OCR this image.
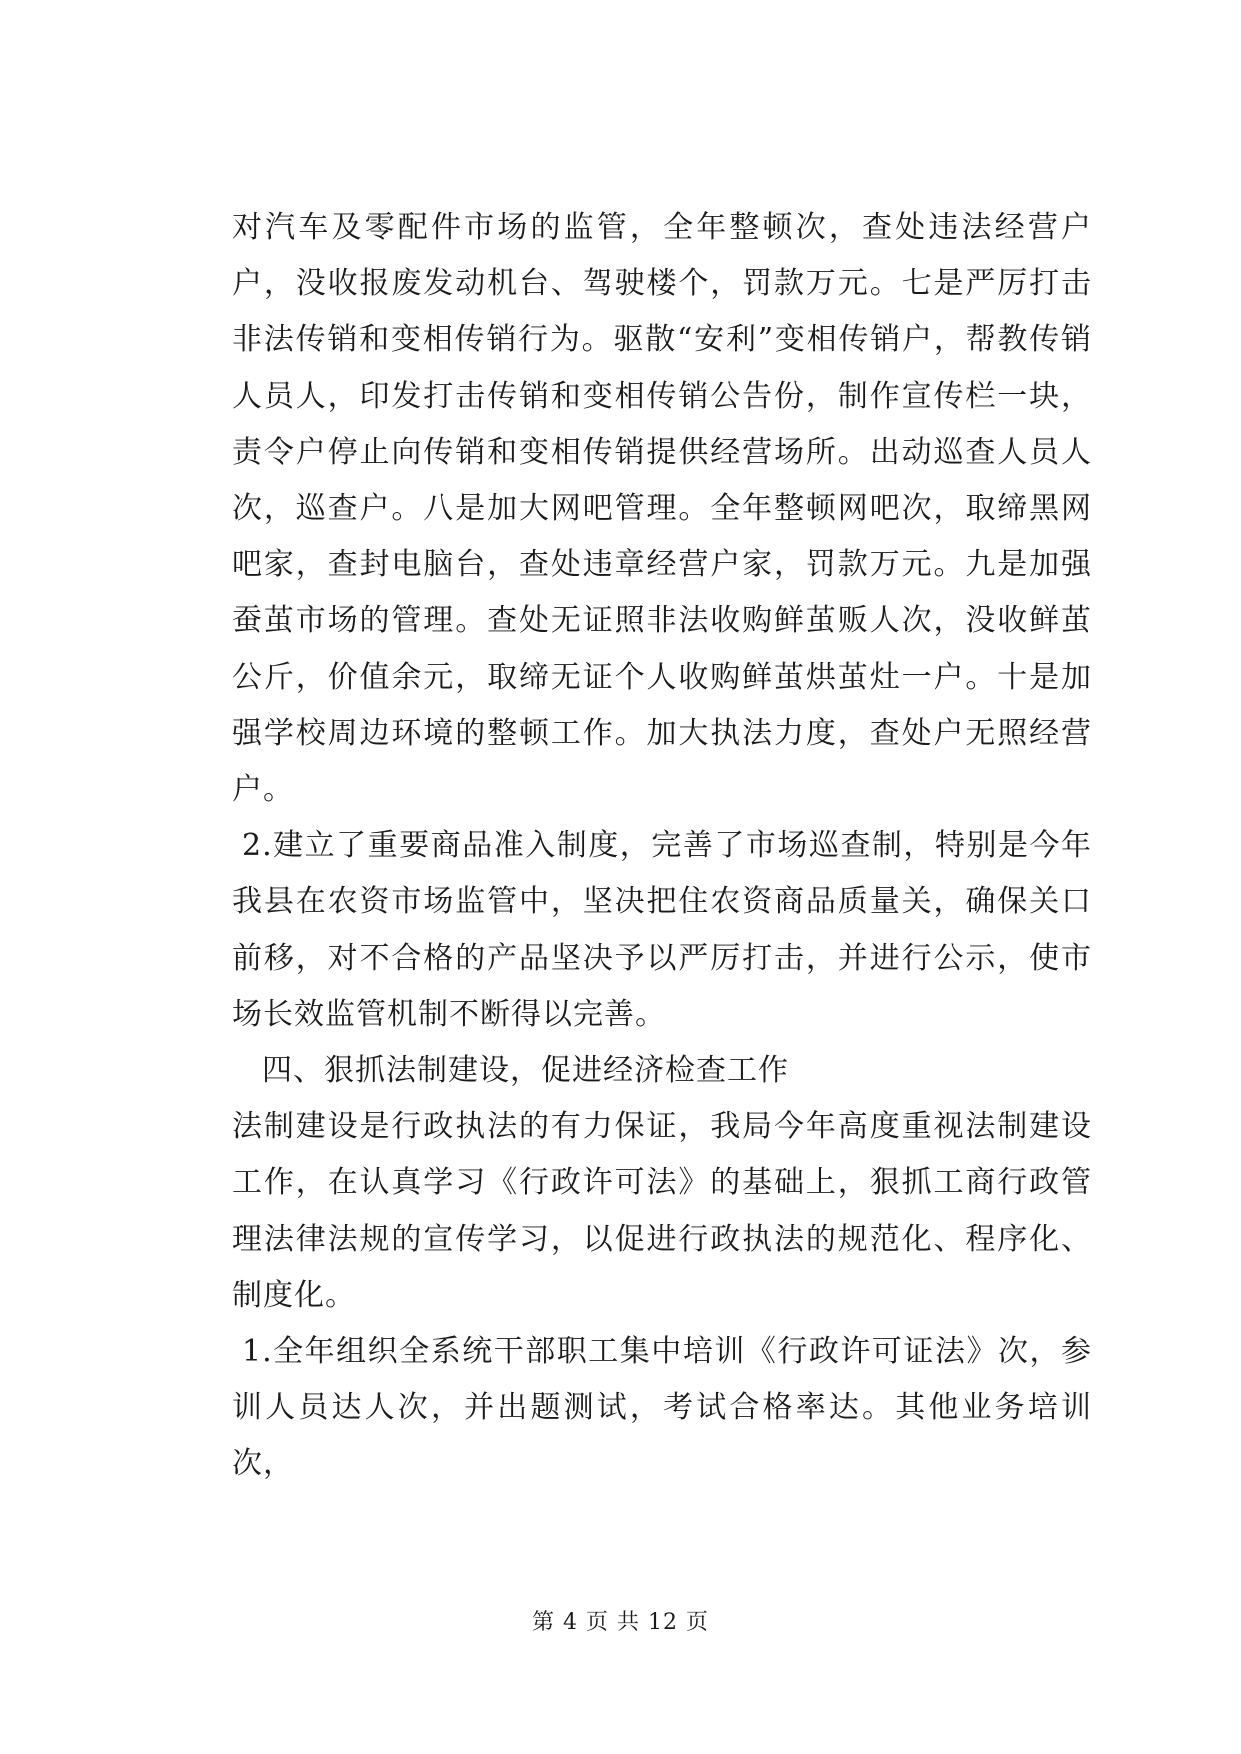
对汽车及零配件市场的监管，全年整顿次，查处违法经营户户，没收报废发动机台、驾驶楼个，罚款万元。七是严厉打击非法传销和变相传销行为。驱散“安利”变相传销户，帮教传销人员人，印发打击传销和变相传销公告份，制作宣传栏一块，责令户停止向传销和变相传销提供经营场所。出动巡查人员人次，巡查户。八是加大网吧管理。全年整顿网吧次，取缔黑网吧家，查封电脑台，查处违章经营户家，罚款万元。九是加强蚕茧市场的管理。查处无证照非法收购鲜茧贩人次，没收鲜茧公斤，价值余元，取缔无证个人收购鲜茧烘茧灶一户。十是加强学校周边环境的整顿工作。加大执法力度，查处户无照经营户。

2.建立了重要商品准入制度，完善了市场巡查制，特别是今年我县在农资市场监管中，坚决把住农资商品质量关，确保关口前移，对不合格的产品坚决予以严厉打击，并进行公示，使市场长效监管机制不断得以完善。

四、狠抓法制建设，促进经济检查工作

法制建设是行政执法的有力保证，我局今年高度重视法制建设工作，在认真学习《行政许可法》的基础上，狠抓工商行政管理法律法规的宣传学习，以促进行政执法的规范化、程序化、制度化。

1.全年组织全系统干部职工集中培训《行政许可证法》次，参训人员达人次，并出题测试，考试合格率达。其他业务培训次，

第 4 页 共 12 页
